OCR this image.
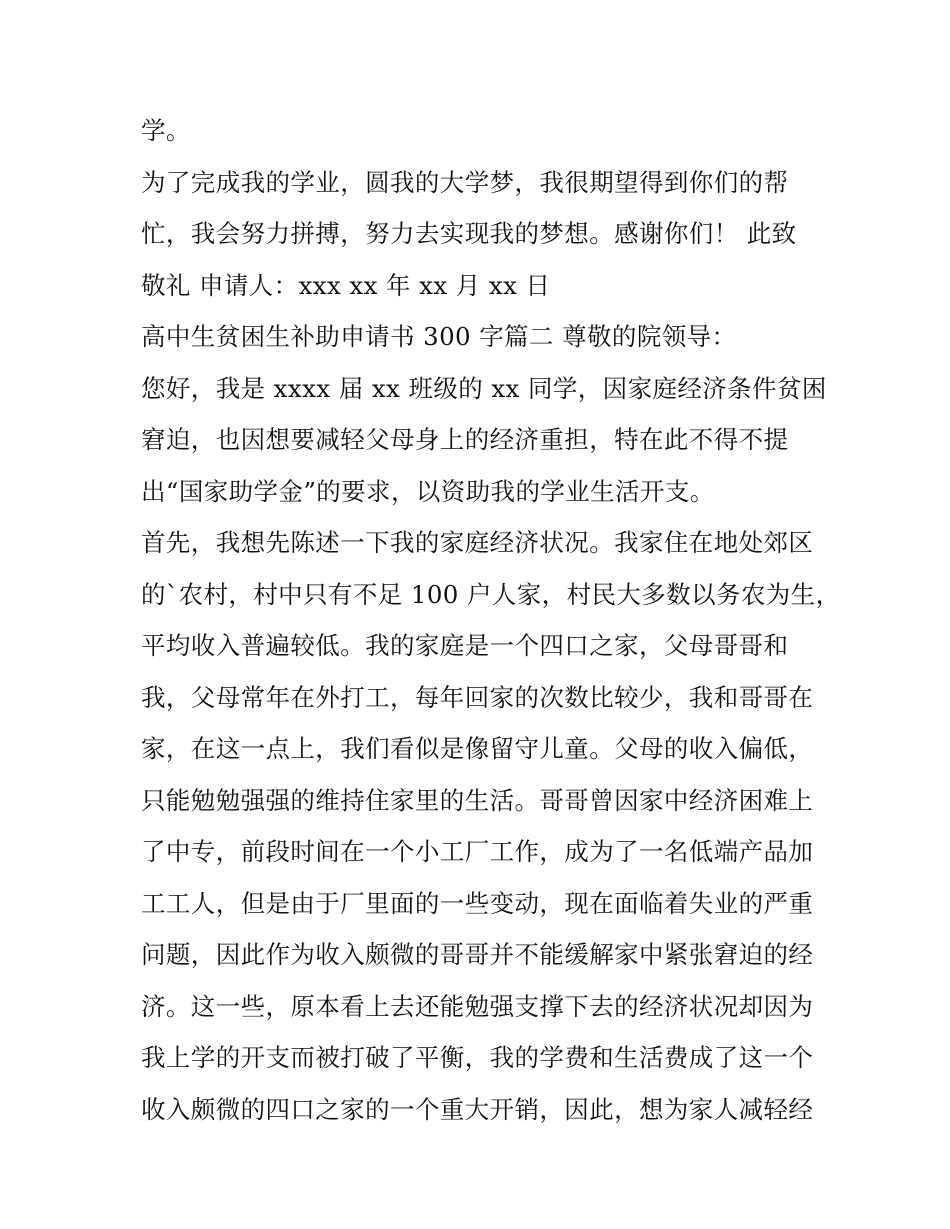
学。
为了完成我的学业，圆我的大学梦，我很期望得到你们的帮
忙，我会努力拼搏，努力去实现我的梦想。感谢你们！ 此致
敬礼 申请人：xxx xx 年 xx 月 xx 日
高中生贫困生补助申请书 300 字篇二 尊敬的院领导：
您好，我是 xxxx 届 xx 班级的 xx 同学，因家庭经济条件贫困
窘迫，也因想要减轻父母身上的经济重担，特在此不得不提
出“国家助学金”的要求，以资助我的学业生活开支。
首先，我想先陈述一下我的家庭经济状况。我家住在地处郊区
的`农村，村中只有不足 100 户人家，村民大多数以务农为生，
平均收入普遍较低。我的家庭是一个四口之家，父母哥哥和
我，父母常年在外打工，每年回家的次数比较少，我和哥哥在
家，在这一点上，我们看似是像留守儿童。父母的收入偏低，
只能勉勉强强的维持住家里的生活。哥哥曾因家中经济困难上
了中专，前段时间在一个小工厂工作，成为了一名低端产品加
工工人，但是由于厂里面的一些变动，现在面临着失业的严重
问题，因此作为收入颇微的哥哥并不能缓解家中紧张窘迫的经
济。这一些，原本看上去还能勉强支撑下去的经济状况却因为
我上学的开支而被打破了平衡，我的学费和生活费成了这一个
收入颇微的四口之家的一个重大开销，因此，想为家人减轻经
